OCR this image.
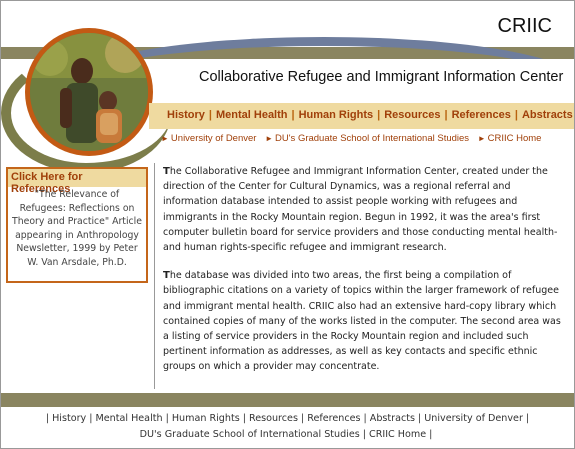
CRIIC
Collaborative Refugee and Immigrant Information Center
History | Mental Health | Human Rights | Resources | References | Abstracts
► University of Denver ► DU's Graduate School of International Studies ► CRIIC Home
Click Here for References
"The Relevance of Refugees: Reflections on Theory and Practice" Article appearing in Anthropology Newsletter, 1999 by Peter W. Van Arsdale, Ph.D.

The Collaborative Refugee and Immigrant Information Center, created under the direction of the Center for Cultural Dynamics, was a regional referral and information database intended to assist people working with refugees and immigrants in the Rocky Mountain region. Begun in 1992, it was the area's first computer bulletin board for service providers and those conducting mental health- and human rights-specific refugee and immigrant research.

The database was divided into two areas, the first being a compilation of bibliographic citations on a variety of topics within the larger framework of refugee and immigrant mental health. CRIIC also had an extensive hard-copy library which contained copies of many of the works listed in the computer. The second area was a listing of service providers in the Rocky Mountain region and included such pertinent information as addresses, as well as key contacts and specific ethnic groups on which a provider may concentrate.

| History | Mental Health | Human Rights | Resources | References | Abstracts | University of Denver |
DU's Graduate School of International Studies | CRIIC Home |
